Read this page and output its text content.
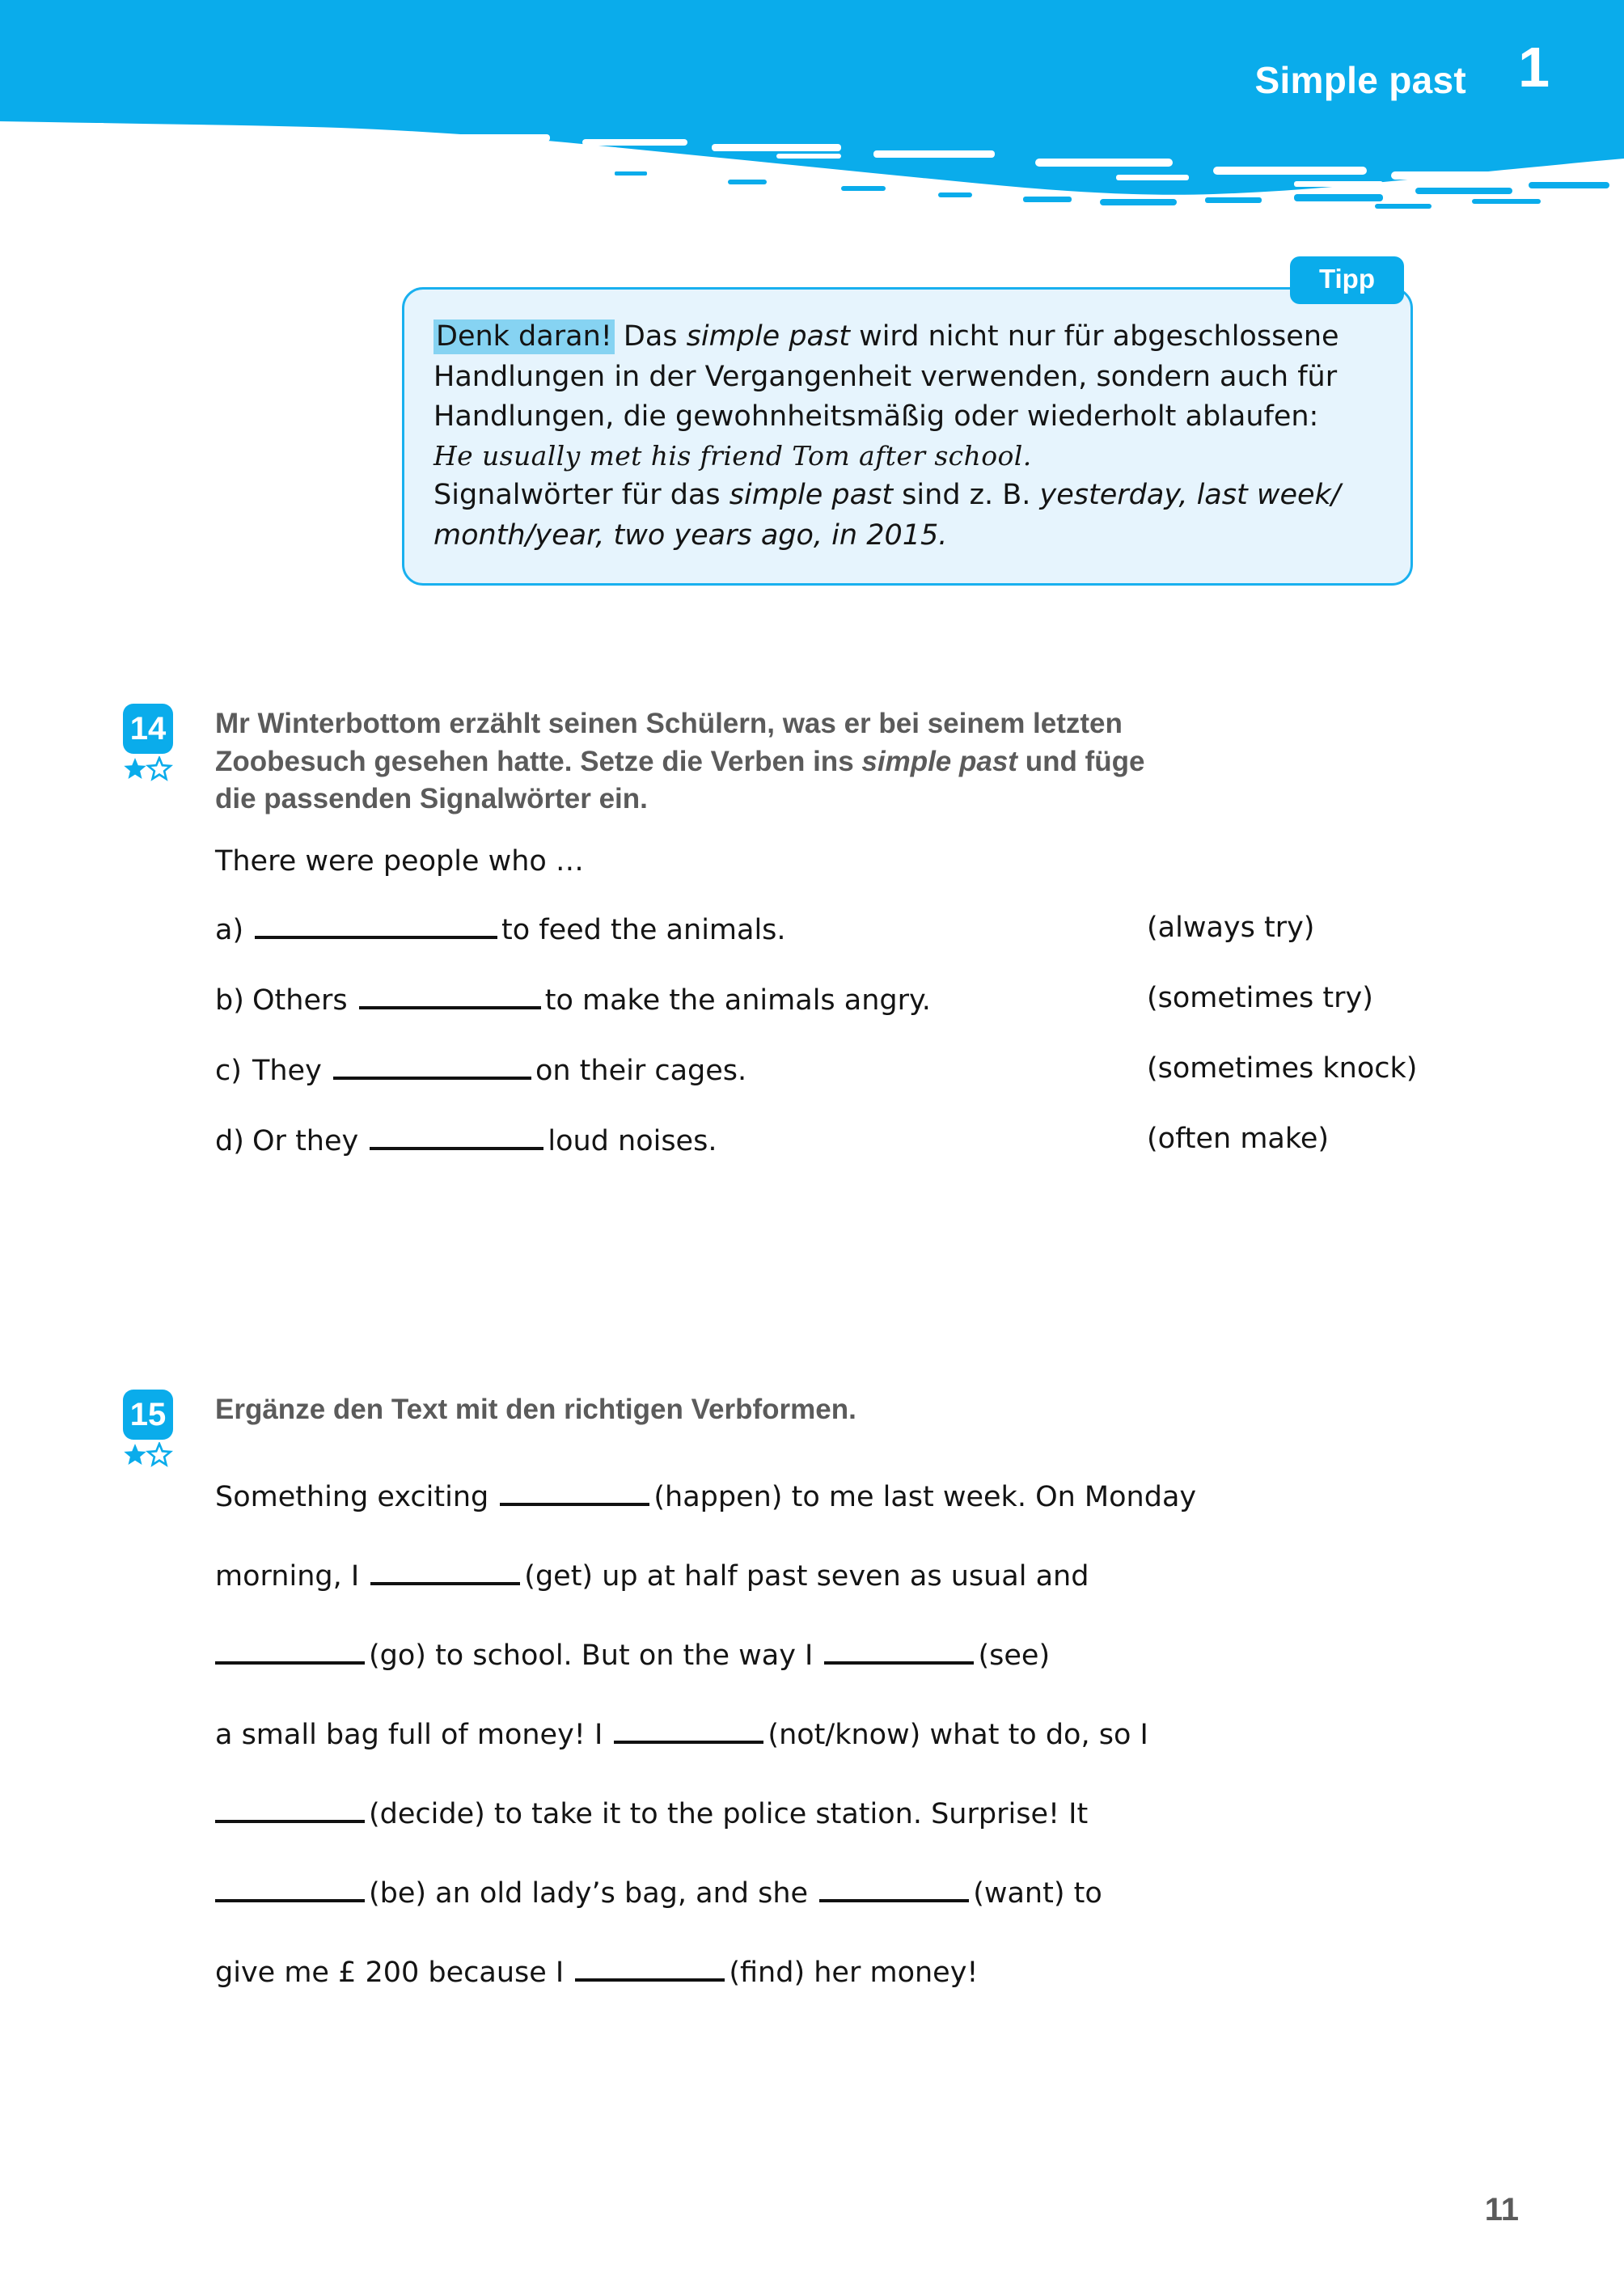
Simple past 1
Tipp
Denk daran! Das simple past wird nicht nur für abgeschlossene
Handlungen in der Vergangenheit verwenden, sondern auch für
Handlungen, die gewohnheitsmäßig oder wiederholt ablaufen:
He usually met his friend Tom after school.
Signalwörter für das simple past sind z. B. yesterday, last week/
month/year, two years ago, in 2015.
14 Mr Winterbottom erzählt seinen Schülern, was er bei seinem letzten
Zoobesuch gesehen hatte. Setze die Verben ins simple past und füge
die passenden Signalwörter ein.
There were people who …
a)	to feed the animals.	(always try)
b) Others	to make the animals angry.	(sometimes try)
c) They	on their cages.	(sometimes knock)
d) Or they	loud noises.	(often make)
15 Ergänze den Text mit den richtigen Verbformen.
Something exciting	(happen) to me last week. On Monday
morning, I	(get) up at half past seven as usual and
(go) to school. But on the way I	(see)
a small bag full of money! I	(not/know) what to do, so I
(decide) to take it to the police station. Surprise! It
(be) an old lady’s bag, and she	(want) to
give me £ 200 because I	(find) her money!
11
